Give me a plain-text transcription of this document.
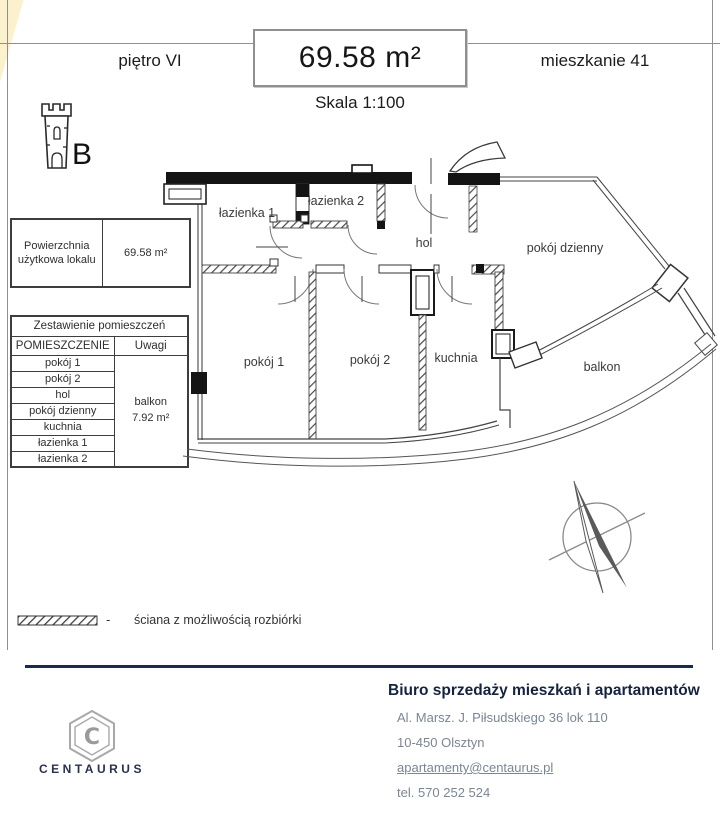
piętro VI	69.58 m²	mieszkanie 41
Skala 1:100
B
Powierzchnia użytkowa lokalu	69.58 m²
Zestawienie pomieszczeń	
POMIESZCZENIE	Uwagi
pokój 1	balkon
7.92 m²

pokój 2	
hol	
pokój dzienny	
kuchnia	
łazienka 1	
łazienka 2	
łazienka 1
łazienka 2
hol	pokój dzienny
pokój 1	pokój 2	kuchnia
balkon
- ściana z możliwością rozbiórki
C
CENTAURUS
Biuro sprzedaży mieszkań i apartamentów
Al. Marsz. J. Piłsudskiego 36 lok 110
10-450 Olsztyn
apartamenty@centaurus.pl
tel. 570 252 524
